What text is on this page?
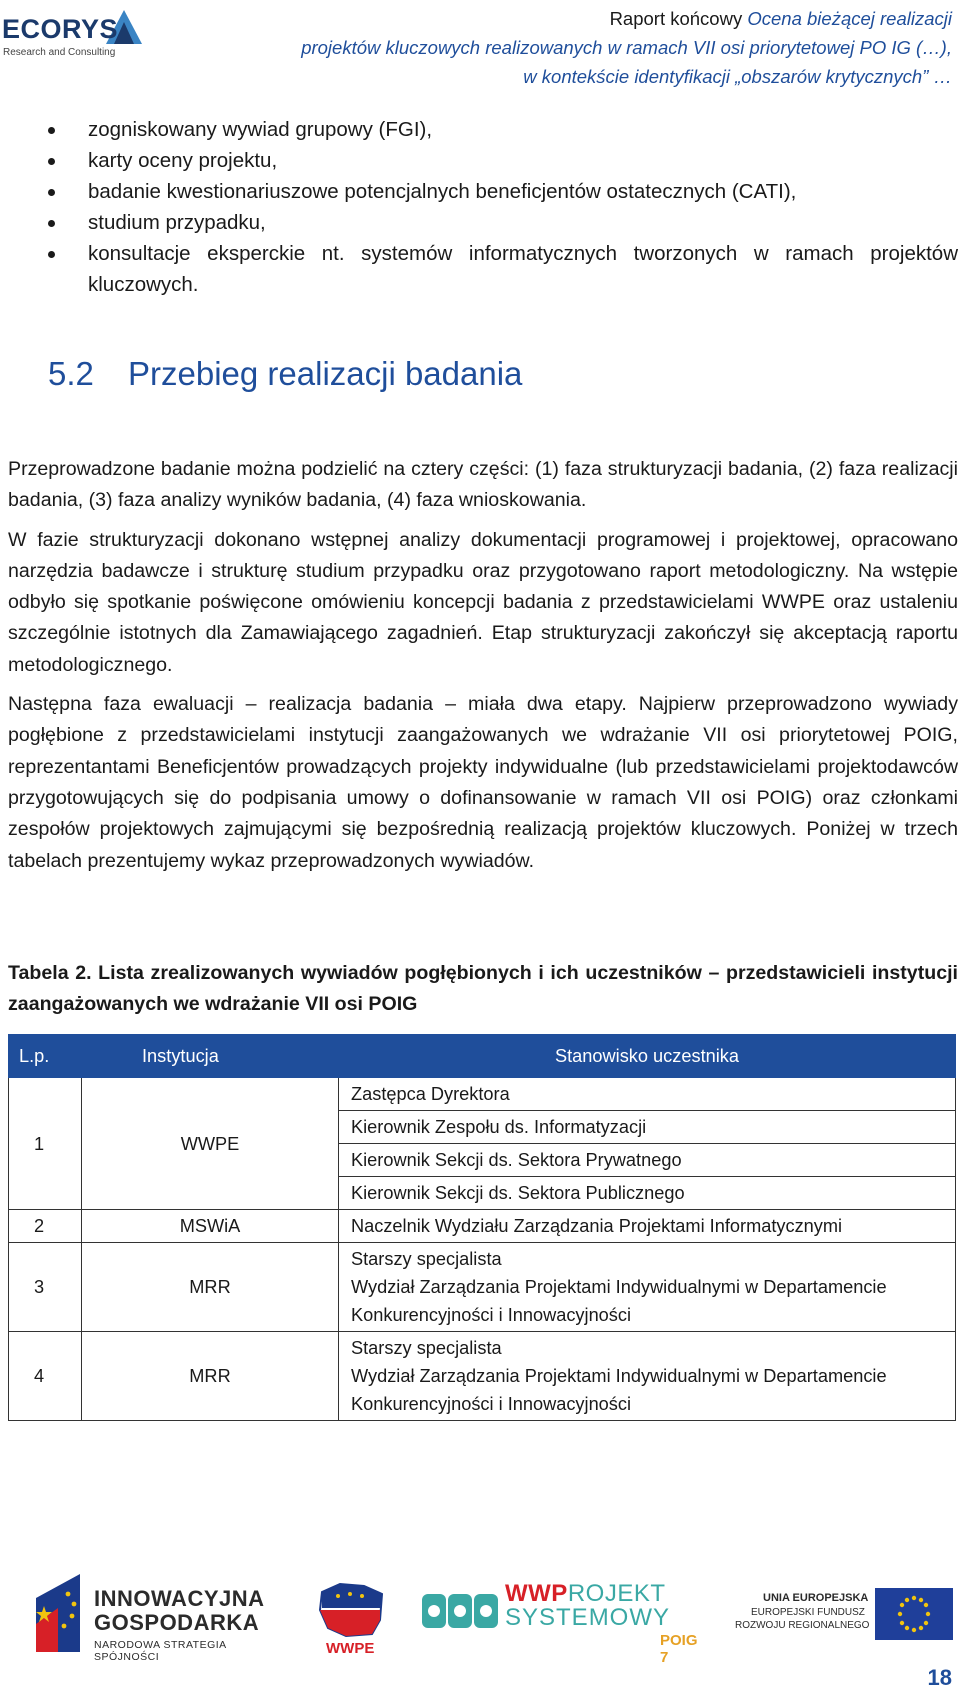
ECORYS
Research and Consulting
Raport końcowy Ocena bieżącej realizacji
projektów kluczowych realizowanych w ramach VII osi priorytetowej PO IG (…),
w kontekście identyfikacji „obszarów krytycznych” …
zogniskowany wywiad grupowy (FGI),
karty oceny projektu,
badanie kwestionariuszowe potencjalnych beneficjentów ostatecznych (CATI),
studium przypadku,
konsultacje eksperckie nt. systemów informatycznych tworzonych w ramach projektów kluczowych.
5.2 Przebieg realizacji badania

Przeprowadzone badanie można podzielić na cztery części: (1) faza strukturyzacji badania, (2) faza realizacji badania, (3) faza analizy wyników badania, (4) faza wnioskowania.

W fazie strukturyzacji dokonano wstępnej analizy dokumentacji programowej i projektowej, opracowano narzędzia badawcze i strukturę studium przypadku oraz przygotowano raport metodologiczny. Na wstępie odbyło się spotkanie poświęcone omówieniu koncepcji badania z przedstawicielami WWPE oraz ustaleniu szczególnie istotnych dla Zamawiającego zagadnień. Etap strukturyzacji zakończył się akceptacją raportu metodologicznego.

Następna faza ewaluacji – realizacja badania – miała dwa etapy. Najpierw przeprowadzono wywiady pogłębione z przedstawicielami instytucji zaangażowanych we wdrażanie VII osi priorytetowej POIG, reprezentantami Beneficjentów prowadzących projekty indywidualne (lub przedstawicielami projektodawców przygotowujących się do podpisania umowy o dofinansowanie w ramach VII osi POIG) oraz członkami zespołów projektowych zajmującymi się bezpośrednią realizacją projektów kluczowych. Poniżej w trzech tabelach prezentujemy wykaz przeprowadzonych wywiadów.

Tabela 2. Lista zrealizowanych wywiadów pogłębionych i ich uczestników – przedstawicieli instytucji zaangażowanych we wdrażanie VII osi POIG
L.p.	Instytucja	Stanowisko uczestnika
1	WWPE	Zastępca Dyrektora
		Kierownik Zespołu ds. Informatyzacji
		Kierownik Sekcji ds. Sektora Prywatnego
		Kierownik Sekcji ds. Sektora Publicznego
2	MSWiA	Naczelnik Wydziału Zarządzania Projektami Informatycznymi
3	MRR	Starszy specjalista
Wydział Zarządzania Projektami Indywidualnymi w Departamencie
Konkurencyjności i Innowacyjności

4	MRR	Starszy specjalista
Wydział Zarządzania Projektami Indywidualnymi w Departamencie
Konkurencyjności i Innowacyjności
INNOWACYJNA
GOSPODARKA
NARODOWA STRATEGIA SPÓJNOŚCI	WWPE
WWPROJEKT
SYSTEMOWY
POIG 7
UNIA EUROPEJSKA
EUROPEJSKI FUNDUSZ
ROZWOJU REGIONALNEGO
18
